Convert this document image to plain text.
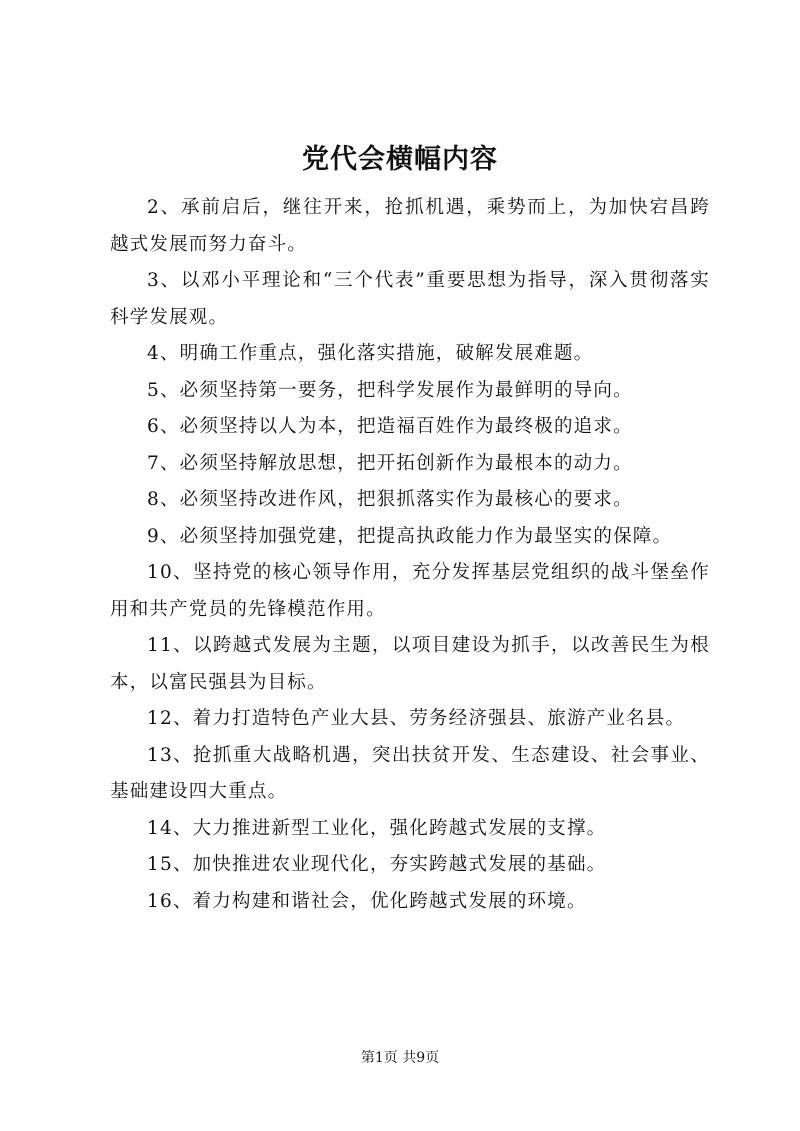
党代会横幅内容

2、承前启后，继往开来，抢抓机遇，乘势而上，为加快宕昌跨越式发展而努力奋斗。

3、以邓小平理论和“三个代表”重要思想为指导，深入贯彻落实科学发展观。

4、明确工作重点，强化落实措施，破解发展难题。

5、必须坚持第一要务，把科学发展作为最鲜明的导向。

6、必须坚持以人为本，把造福百姓作为最终极的追求。

7、必须坚持解放思想，把开拓创新作为最根本的动力。

8、必须坚持改进作风，把狠抓落实作为最核心的要求。

9、必须坚持加强党建，把提高执政能力作为最坚实的保障。

10、坚持党的核心领导作用，充分发挥基层党组织的战斗堡垒作用和共产党员的先锋模范作用。

11、以跨越式发展为主题，以项目建设为抓手，以改善民生为根本，以富民强县为目标。

12、着力打造特色产业大县、劳务经济强县、旅游产业名县。

13、抢抓重大战略机遇，突出扶贫开发、生态建设、社会事业、基础建设四大重点。

14、大力推进新型工业化，强化跨越式发展的支撑。

15、加快推进农业现代化，夯实跨越式发展的基础。

16、着力构建和谐社会，优化跨越式发展的环境。

第1页 共9页
